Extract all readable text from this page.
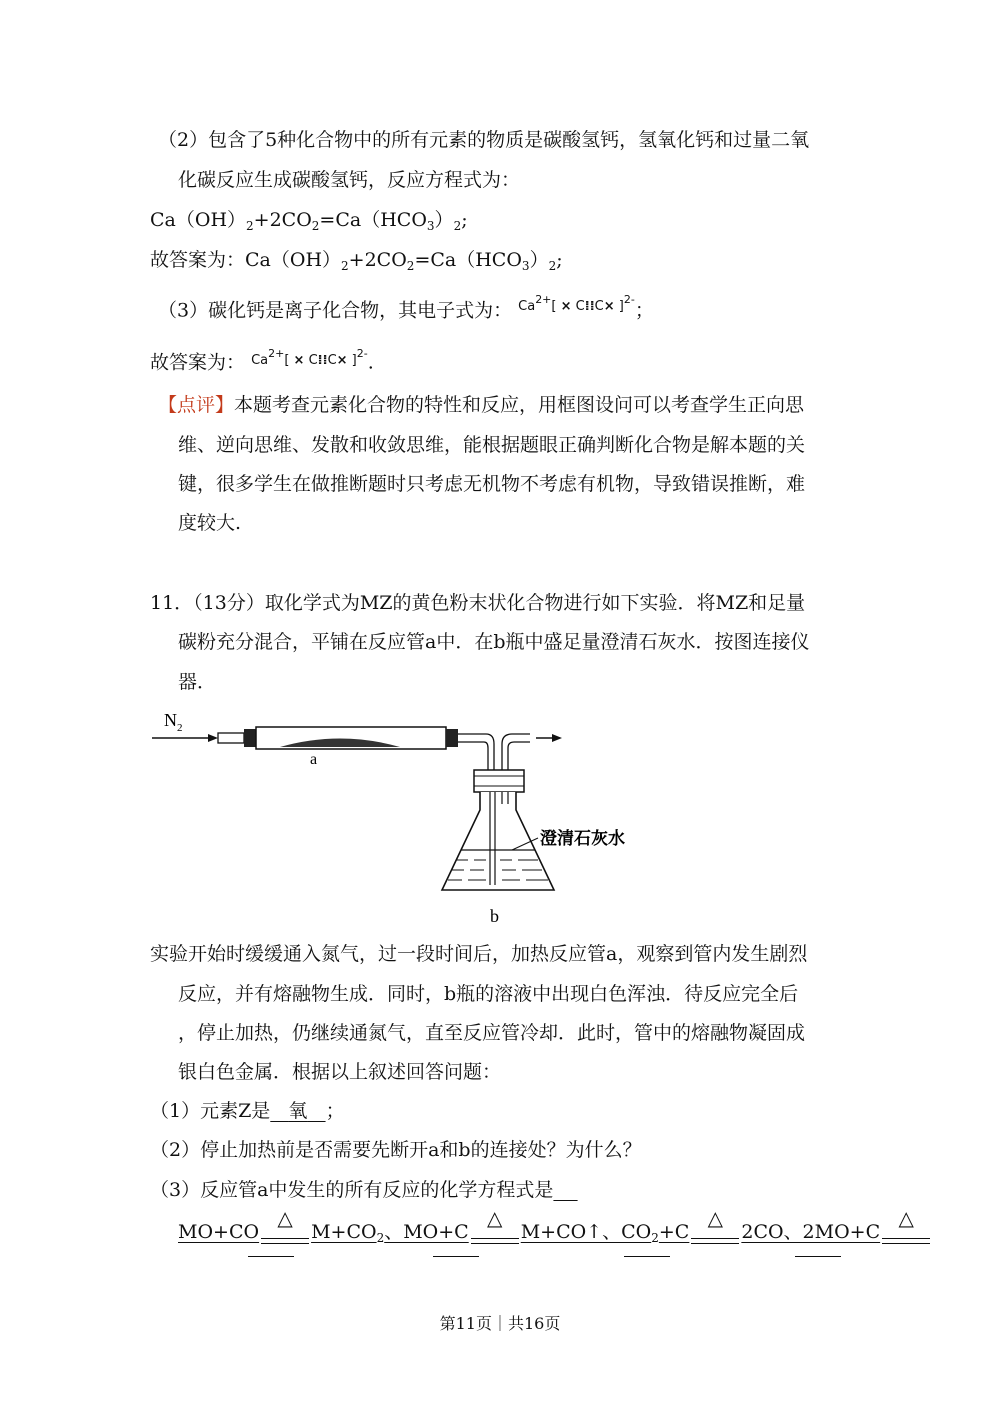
（2）包含了5种化合物中的所有元素的物质是碳酸氢钙，氢氧化钙和过量二氧
化碳反应生成碳酸氢钙，反应方程式为：
$Ca(OH)_2+2CO_2=Ca(HCO_3)_2$;
故答案为：$Ca(OH)_2+2CO_2=Ca(HCO_3)_2$;
（3）碳化钙是离子化合物，其电子式为： $Ca^{2+}$[ × C⁞⁞C× ]$^{2-}$；
故答案为： $Ca^{2+}$[ × C⁞⁞C× ]$^{2-}$.
【点评】本题考查元素化合物的特性和反应，用框图设问可以考查学生正向思
维、逆向思维、发散和收敛思维，能根据题眼正确判断化合物是解本题的关
键，很多学生在做推断题时只考虑无机物不考虑有机物，导致错误推断，难
度较大.
11．（13分）取化学式为MZ的黄色粉末状化合物进行如下实验．将MZ和足量
碳粉充分混合，平铺在反应管a中．在b瓶中盛足量澄清石灰水．按图连接仪
器．
$N_2$
a
澄清石灰水
b
实验开始时缓缓通入氮气，过一段时间后，加热反应管a，观察到管内发生剧烈
反应，并有熔融物生成．同时，b瓶的溶液中出现白色浑浊．待反应完全后
，停止加热，仍继续通氮气，直至反应管冷却．此时，管中的熔融物凝固成
银白色金属．根据以上叙述回答问题：
（1）元素Z是 氧 ；
（2）停止加热前是否需要先断开a和b的连接处？为什么？
（3）反应管a中发生的所有反应的化学方程式是
MO+CO
△
$M+CO_2$、MO+C
△
M+CO↑、$CO_2+C$
△
2CO、2MO+C
△
第11页｜共16页
